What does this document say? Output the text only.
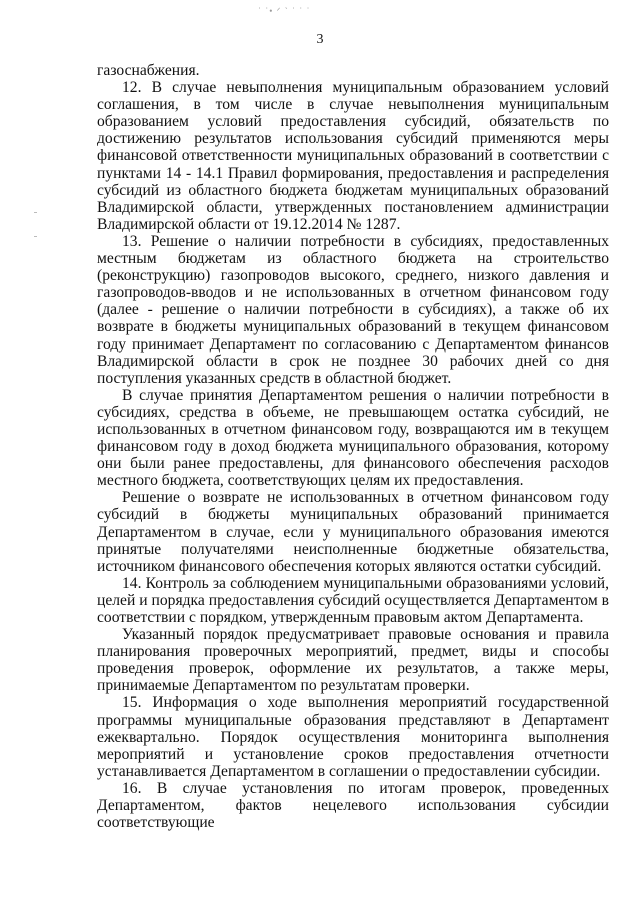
˙ ˙• ᐟ ` ˙ ˙ ˙
3

газоснабжения.

12. В случае невыполнения муниципальным образованием условий соглашения, в том числе в случае невыполнения муниципальным образованием условий предоставления субсидий, обязательств по достижению результатов использования субсидий применяются меры финансовой ответственности муниципальных образований в соответствии с пунктами 14 - 14.1 Правил формирования, предоставления и распределения субсидий из областного бюджета бюджетам муниципальных образований Владимирской области, утвержденных постановлением администрации Владимирской области от 19.12.2014 № 1287.

13. Решение о наличии потребности в субсидиях, предоставленных местным бюджетам из областного бюджета на строительство (реконструкцию) газопроводов высокого, среднего, низкого давления и газопроводов-вводов и не использованных в отчетном финансовом году (далее - решение о наличии потребности в субсидиях), а также об их возврате в бюджеты муниципальных образований в текущем финансовом году принимает Департамент по согласованию с Департаментом финансов Владимирской области в срок не позднее 30 рабочих дней со дня поступления указанных средств в областной бюджет.

В случае принятия Департаментом решения о наличии потребности в субсидиях, средства в объеме, не превышающем остатка субсидий, не использованных в отчетном финансовом году, возвращаются им в текущем финансовом году в доход бюджета муниципального образования, которому они были ранее предоставлены, для финансового обеспечения расходов местного бюджета, соответствующих целям их предоставления.

Решение о возврате не использованных в отчетном финансовом году субсидий в бюджеты муниципальных образований принимается Департаментом в случае, если у муниципального образования имеются принятые получателями неисполненные бюджетные обязательства, источником финансового обеспечения которых являются остатки субсидий.

14. Контроль за соблюдением муниципальными образованиями условий, целей и порядка предоставления субсидий осуществляется Департаментом в соответствии с порядком, утвержденным правовым актом Департамента.

Указанный порядок предусматривает правовые основания и правила планирования проверочных мероприятий, предмет, виды и способы проведения проверок, оформление их результатов, а также меры, принимаемые Департаментом по результатам проверки.

15. Информация о ходе выполнения мероприятий государственной программы муниципальные образования представляют в Департамент ежеквартально. Порядок осуществления мониторинга выполнения мероприятий и установление сроков предоставления отчетности устанавливается Департаментом в соглашении о предоставлении субсидии.

16. В случае установления по итогам проверок, проведенных Департаментом, фактов нецелевого использования субсидии соответствующие
